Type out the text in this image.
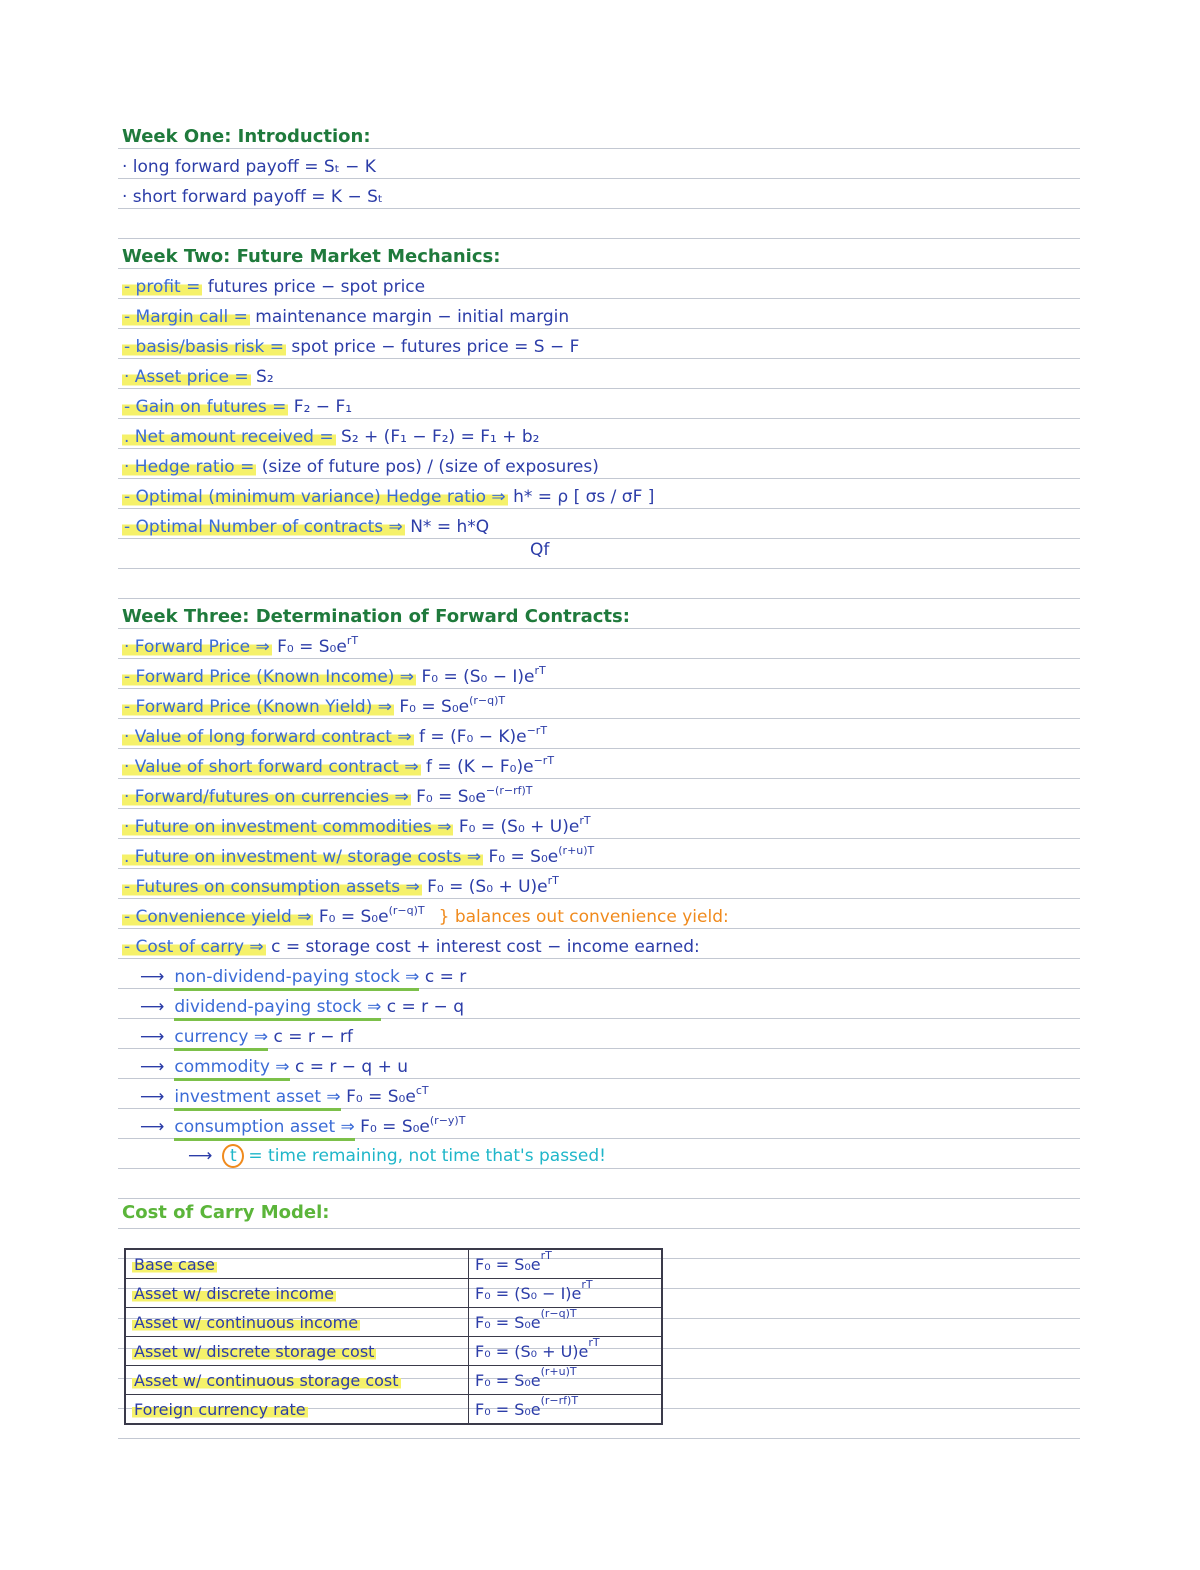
Week One: Introduction:
· long forward payoff = Sₜ − K
· short forward payoff = K − Sₜ
Week Two: Future Market Mechanics:
- profit = futures price − spot price
- Margin call = maintenance margin − initial margin
- basis/basis risk = spot price − futures price = S − F
· Asset price = S₂
- Gain on futures = F₂ − F₁
. Net amount received = S₂ + (F₁ − F₂) = F₁ + b₂
· Hedge ratio = (size of future pos) / (size of exposures)
- Optimal (minimum variance) Hedge ratio ⇒ h* = ρ [ σs / σF ]
- Optimal Number of contracts ⇒ N* = h*Q
Qf
Week Three: Determination of Forward Contracts:
· Forward Price ⇒ $F_0 = S_0e^{rT}$
- Forward Price (Known Income) ⇒ $F_0 = (S_0 - I)e^{rT}$
- Forward Price (Known Yield) ⇒ $F_0 = S_0e^{(r-q)T}$
· Value of long forward contract ⇒ $f = (F_0 - K)e^{-rT}$
· Value of short forward contract ⇒ $f = (K - F_0)e^{-rT}$
· Forward/futures on currencies ⇒ $F_0 = S_0e^{-(r-rf)T}$
· Future on investment commodities ⇒ $F_0 = (S_0 + U)e^{rT}$
. Future on investment w/ storage costs ⇒ $F_0 = S_0e^{(r+u)T}$
- Futures on consumption assets ⇒ $F_0 = (S_0 + U)e^{rT}$
- Convenience yield ⇒ $F_0 = S_0e^{(r-q)T}$ } balances out convenience yield:
- Cost of carry ⇒ c = storage cost + interest cost − income earned:
⟶ non-dividend-paying stock ⇒ c = r
⟶ dividend-paying stock ⇒ c = r − q
⟶ currency ⇒ c = r − rf
⟶ commodity ⇒ c = r − q + u
⟶ investment asset ⇒ $F_0 = S_0e^{cT}$
⟶ consumption asset ⇒ $F_0 = S_0e^{(r-y)T}$
⟶ t = time remaining, not time that's passed!
Cost of Carry Model:
Base case	$F_0 = S_0e^{rT}$
Asset w/ discrete income	$F_0 = (S_0 - I)e^{rT}$
Asset w/ continuous income	$F_0 = S_0e^{(r-q)T}$
Asset w/ discrete storage cost	$F_0 = (S_0 + U)e^{rT}$
Asset w/ continuous storage cost	$F_0 = S_0e^{(r+u)T}$
Foreign currency rate	$F_0 = S_0e^{(r-rf)T}$
